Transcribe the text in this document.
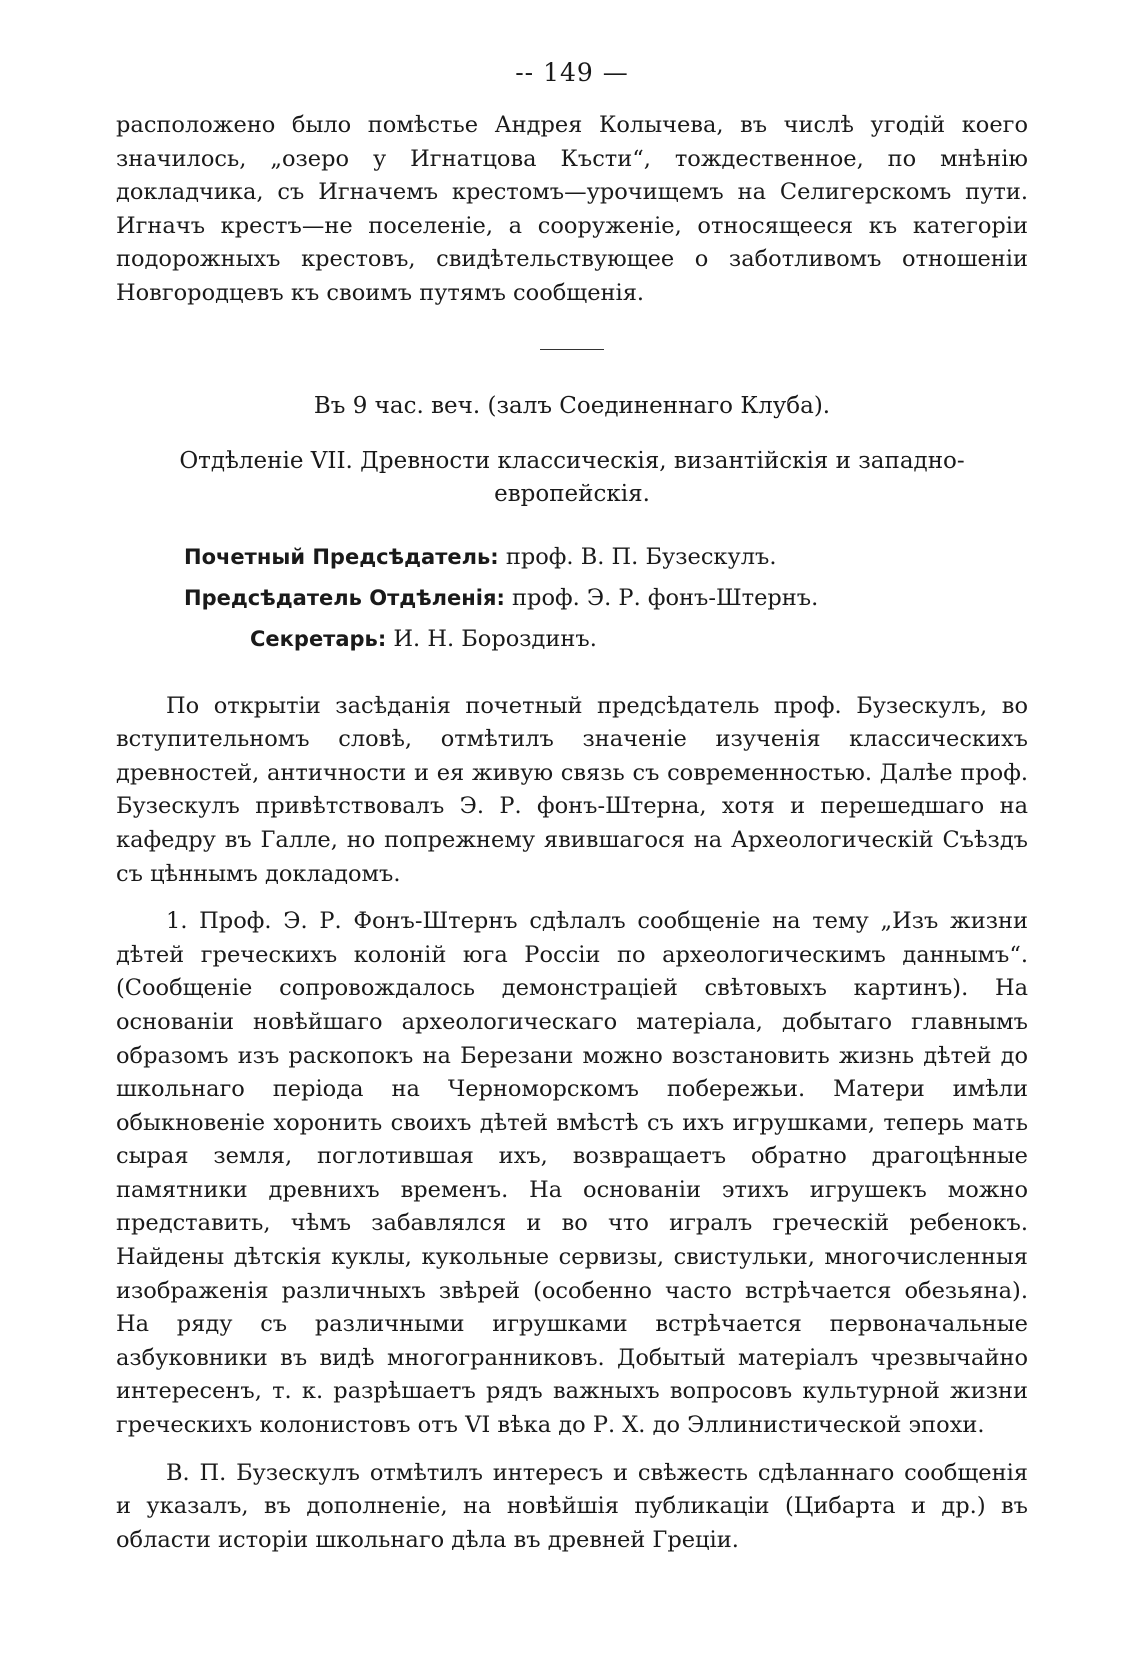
-- 149 —

расположено было помѣстье Андрея Колычева, въ числѣ угодій коего значилось, „озеро у Игнатцова Късти“, тождественное, по мнѣнію докладчика, съ Игначемъ крестомъ—урочищемъ на Селигерскомъ пути. Игначъ крестъ—не поселеніе, а сооруженіе, относящееся къ категоріи подорожныхъ крестовъ, свидѣтельствующее о заботливомъ отношеніи Новгородцевъ къ своимъ путямъ сообщенія.

Въ 9 час. веч. (залъ Соединеннаго Клуба).
Отдѣленіе VII. Древности классическія, византійскія и западно-европейскія.
Почетный Предсѣдатель: проф. В. П. Бузескулъ.
Предсѣдатель Отдѣленія: проф. Э. Р. фонъ-Штернъ.
Секретарь: И. Н. Бороздинъ.

По открытіи засѣданія почетный предсѣдатель проф. Бузескулъ, во вступительномъ словѣ, отмѣтилъ значеніе изученія классическихъ древностей, античности и ея живую связь съ современностью. Далѣе проф. Бузескулъ привѣтствовалъ Э. Р. фонъ-Штерна, хотя и перешедшаго на кафедру въ Галле, но попрежнему явившагося на Археологическій Съѣздъ съ цѣннымъ докладомъ.

1. Проф. Э. Р. Фонъ-Штернъ сдѣлалъ сообщеніе на тему „Изъ жизни дѣтей греческихъ колоній юга Россіи по археологическимъ даннымъ“. (Сообщеніе сопровождалось демонстраціей свѣтовыхъ картинъ). На основаніи новѣйшаго археологическаго матеріала, добытаго главнымъ образомъ изъ раскопокъ на Березани можно возстановить жизнь дѣтей до школьнаго періода на Черноморскомъ побережьи. Матери имѣли обыкновеніе хоронить своихъ дѣтей вмѣстѣ съ ихъ игрушками, теперь мать сырая земля, поглотившая ихъ, возвращаетъ обратно драгоцѣнные памятники древнихъ временъ. На основаніи этихъ игрушекъ можно представить, чѣмъ забавлялся и во что игралъ греческій ребенокъ. Найдены дѣтскія куклы, кукольные сервизы, свистульки, многочисленныя изображенія различныхъ звѣрей (особенно часто встрѣчается обезьяна). На ряду съ различными игрушками встрѣчается первоначальные азбуковники въ видѣ многогранниковъ. Добытый матеріалъ чрезвычайно интересенъ, т. к. разрѣшаетъ рядъ важныхъ вопросовъ культурной жизни греческихъ колонистовъ отъ VI вѣка до Р. Х. до Эллинистической эпохи.

В. П. Бузескулъ отмѣтилъ интересъ и свѣжесть сдѣланнаго сообщенія и указалъ, въ дополненіе, на новѣйшія публикаціи (Цибарта и др.) въ области исторіи школьнаго дѣла въ древней Греціи.
